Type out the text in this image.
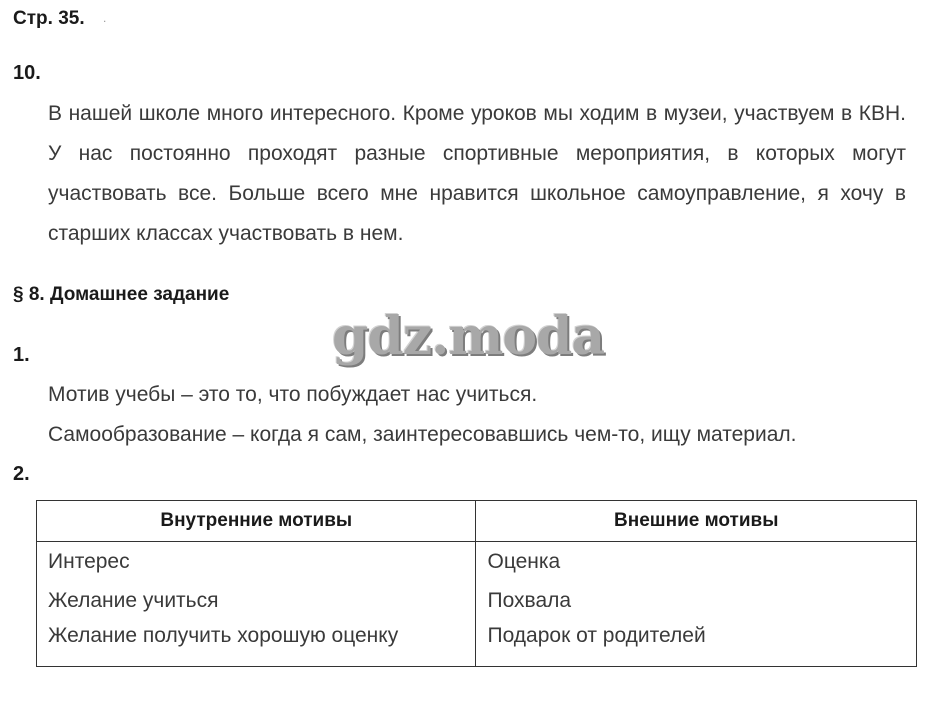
Стр. 35. .
10.
В нашей школе много интересного. Кроме уроков мы ходим в музеи, участвуем в КВН. У нас постоянно проходят разные спортивные мероприятия, в которых могут участвовать все. Больше всего мне нравится школьное самоуправление, я хочу в старших классах участвовать в нем.
§ 8. Домашнее задание
gdz.moda
1.
Мотив учебы – это то, что побуждает нас учиться.
Самообразование – когда я сам, заинтересовавшись чем-то, ищу материал.
2.
Внутренние мотивы	Внешние мотивы
Интерес	Оценка
Желание учиться	Похвала
Желание получить хорошую оценку	Подарок от родителей
